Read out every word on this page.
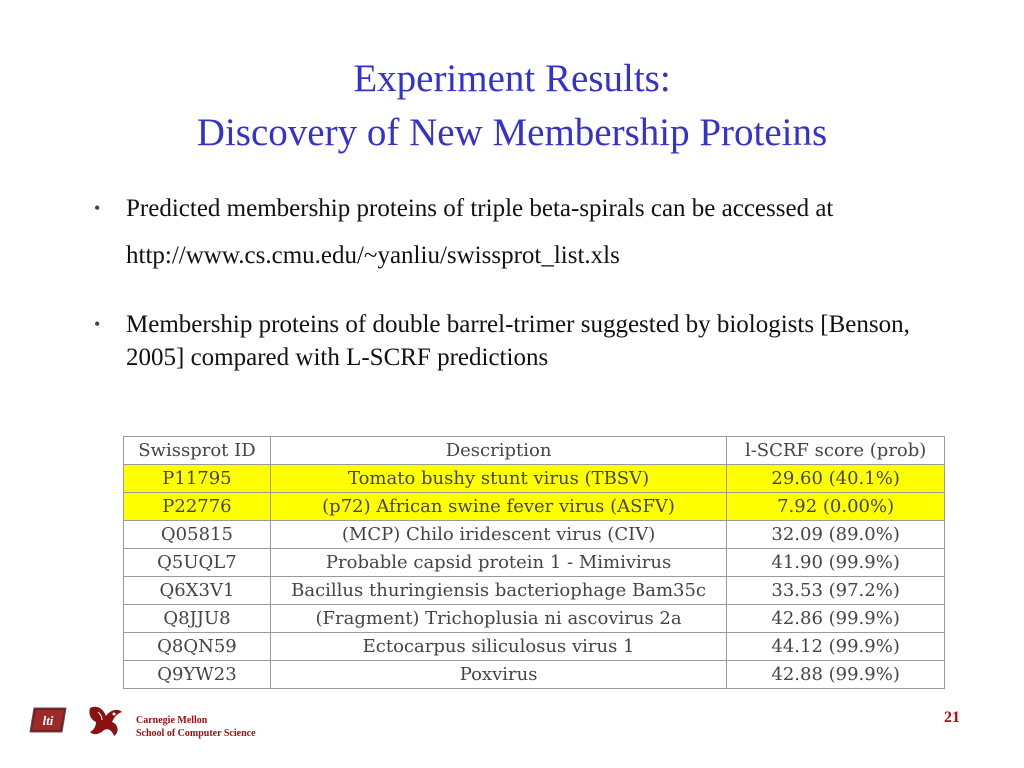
Experiment Results:
Discovery of New Membership Proteins
• Predicted membership proteins of triple beta-spirals can be accessed at
http://www.cs.cmu.edu/~yanliu/swissprot_list.xls
• Membership proteins of double barrel-trimer suggested by biologists [Benson, 2005] compared with L-SCRF predictions
Swissprot ID	Description	l-SCRF score (prob)
P11795	Tomato bushy stunt virus (TBSV)	29.60 (40.1%)
P22776	(p72) African swine fever virus (ASFV)	7.92 (0.00%)
Q05815	(MCP) Chilo iridescent virus (CIV)	32.09 (89.0%)
Q5UQL7	Probable capsid protein 1 - Mimivirus	41.90 (99.9%)
Q6X3V1	Bacillus thuringiensis bacteriophage Bam35c	33.53 (97.2%)
Q8JJU8	(Fragment) Trichoplusia ni ascovirus 2a	42.86 (99.9%)
Q8QN59	Ectocarpus siliculosus virus 1	44.12 (99.9%)
Q9YW23	Poxvirus	42.88 (99.9%)
lti	Carnegie Mellon
School of Computer Science
21
